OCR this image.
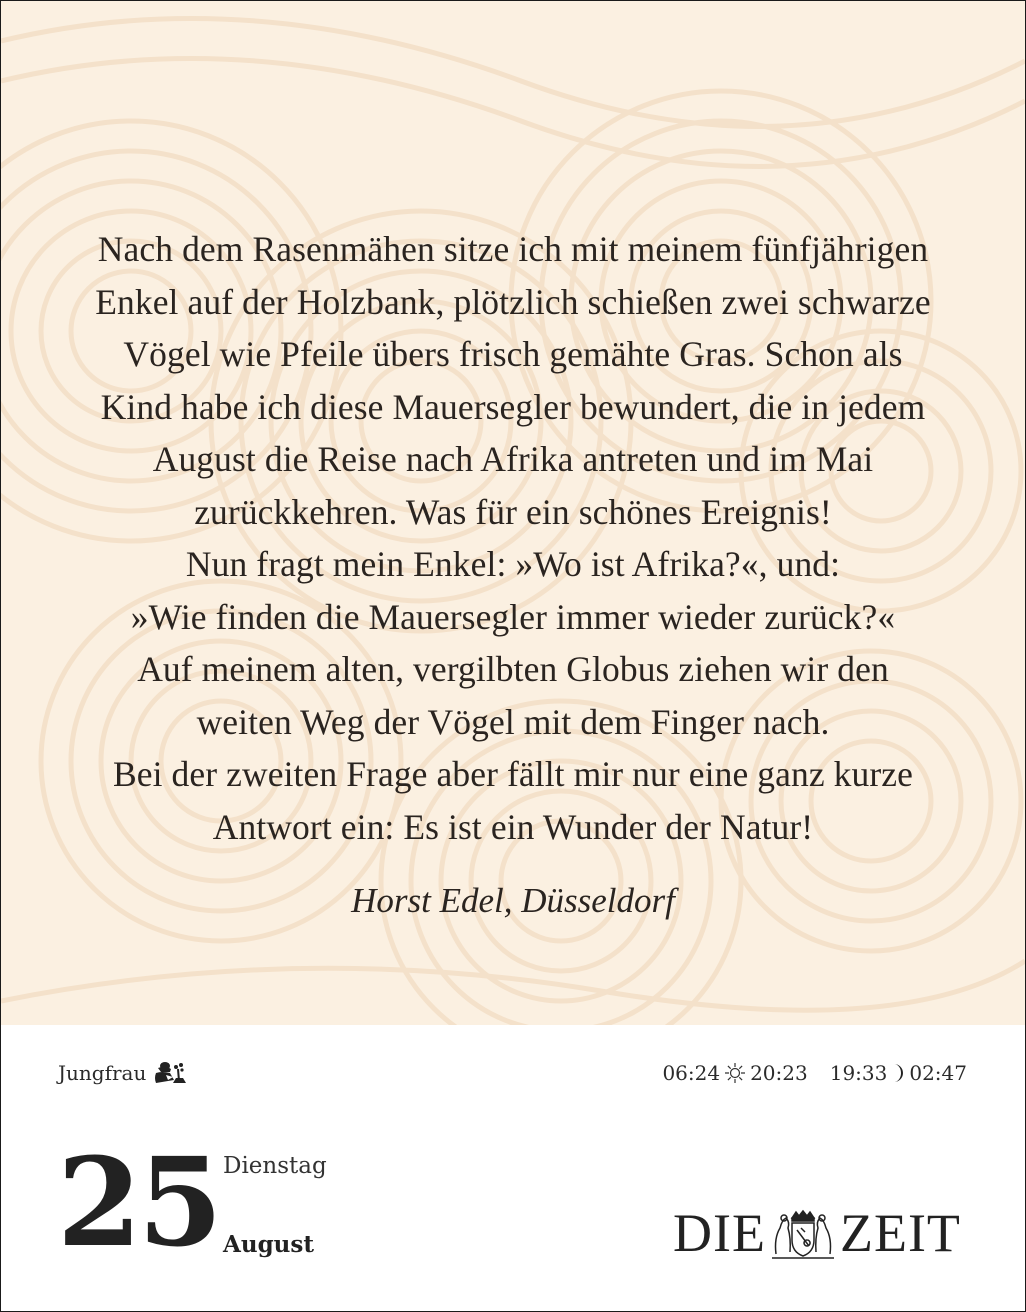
Nach dem Rasenmähen sitze ich mit meinem fünfjährigen
Enkel auf der Holzbank, plötzlich schießen zwei schwarze
Vögel wie Pfeile übers frisch gemähte Gras. Schon als
Kind habe ich diese Mauersegler bewundert, die in jedem
August die Reise nach Afrika antreten und im Mai
zurückkehren. Was für ein schönes Ereignis!
Nun fragt mein Enkel: »Wo ist Afrika?«, und:
»Wie finden die Mauersegler immer wieder zurück?«
Auf meinem alten, vergilbten Globus ziehen wir den
weiten Weg der Vögel mit dem Finger nach.
Bei der zweiten Frage aber fällt mir nur eine ganz kurze
Antwort ein: Es ist ein Wunder der Natur!
Horst Edel, Düsseldorf
Jungfrau	06:24 20:23 19:33 02:47
25 Dienstag
August	DIE ZEIT
